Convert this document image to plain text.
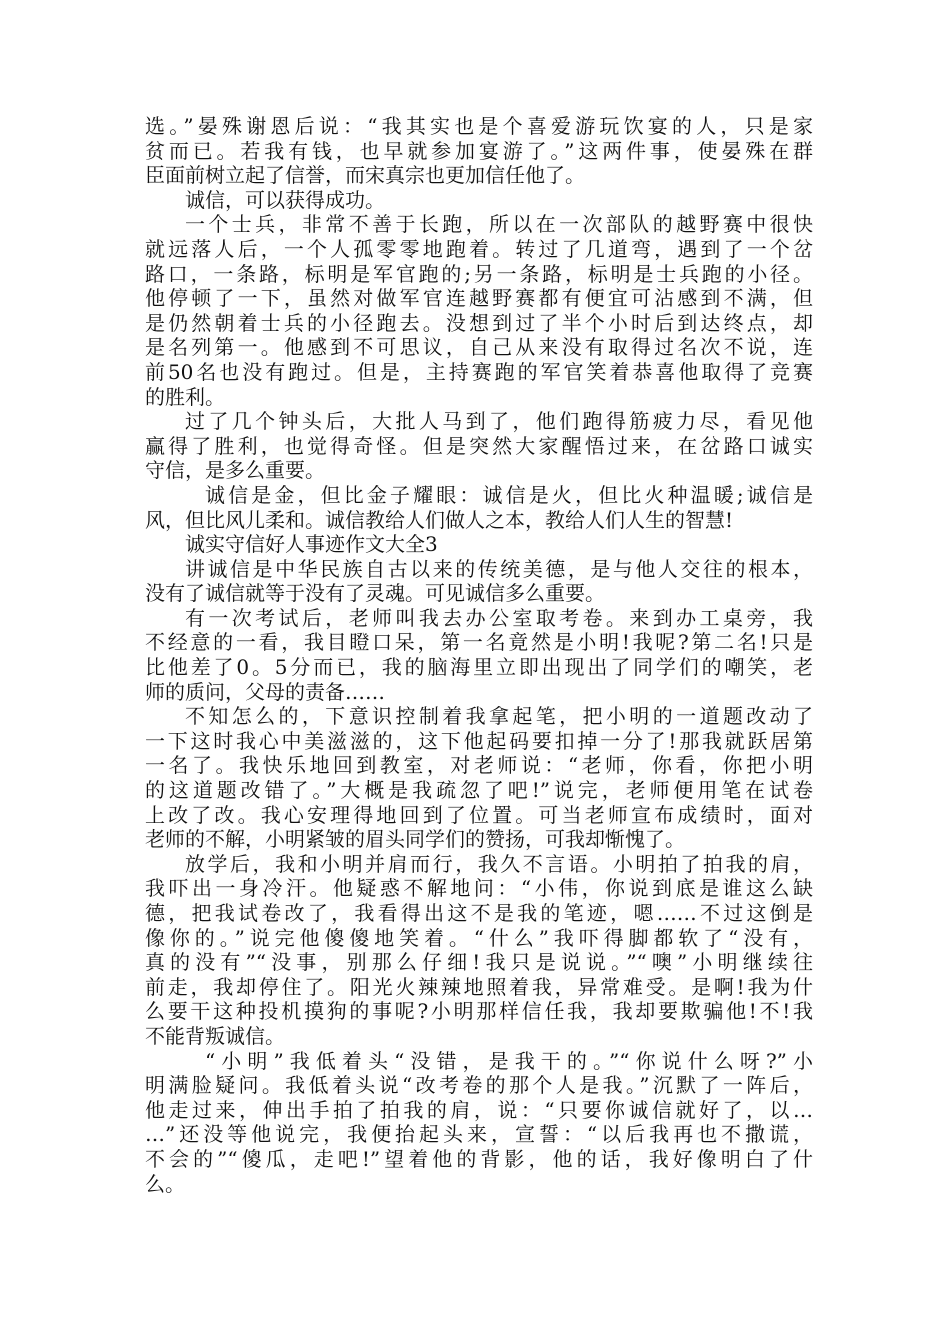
选。”晏殊谢恩后说：“我其实也是个喜爱游玩饮宴的人，只是家
贫而已。若我有钱，也早就参加宴游了。”这两件事，使晏殊在群
臣面前树立起了信誉，而宋真宗也更加信任他了。
诚信，可以获得成功。
一个士兵，非常不善于长跑，所以在一次部队的越野赛中很快
就远落人后，一个人孤零零地跑着。转过了几道弯，遇到了一个岔
路口，一条路，标明是军官跑的;另一条路，标明是士兵跑的小径。
他停顿了一下，虽然对做军官连越野赛都有便宜可沾感到不满，但
是仍然朝着士兵的小径跑去。没想到过了半个小时后到达终点，却
是名列第一。他感到不可思议，自己从来没有取得过名次不说，连
前50名也没有跑过。但是，主持赛跑的军官笑着恭喜他取得了竞赛
的胜利。
过了几个钟头后，大批人马到了，他们跑得筋疲力尽，看见他
赢得了胜利，也觉得奇怪。但是突然大家醒悟过来，在岔路口诚实
守信，是多么重要。
诚信是金，但比金子耀眼：诚信是火，但比火种温暖;诚信是
风，但比风儿柔和。诚信教给人们做人之本，教给人们人生的智慧!
诚实守信好人事迹作文大全3
讲诚信是中华民族自古以来的传统美德，是与他人交往的根本，
没有了诚信就等于没有了灵魂。可见诚信多么重要。
有一次考试后，老师叫我去办公室取考卷。来到办工桌旁，我
不经意的一看，我目瞪口呆，第一名竟然是小明!我呢?第二名!只是
比他差了0。5分而已，我的脑海里立即出现出了同学们的嘲笑，老
师的质问，父母的责备……
不知怎么的，下意识控制着我拿起笔，把小明的一道题改动了
一下这时我心中美滋滋的，这下他起码要扣掉一分了!那我就跃居第
一名了。我快乐地回到教室，对老师说：“老师，你看，你把小明
的这道题改错了。”大概是我疏忽了吧!”说完，老师便用笔在试卷
上改了改。我心安理得地回到了位置。可当老师宣布成绩时，面对
老师的不解，小明紧皱的眉头同学们的赞扬，可我却惭愧了。
放学后，我和小明并肩而行，我久不言语。小明拍了拍我的肩，
我吓出一身冷汗。他疑惑不解地问：“小伟，你说到底是谁这么缺
德，把我试卷改了，我看得出这不是我的笔迹，嗯……不过这倒是
像你的。”说完他傻傻地笑着。“什么”我吓得脚都软了“没有，
真的没有”“没事，别那么仔细!我只是说说。”“噢”小明继续往
前走，我却停住了。阳光火辣辣地照着我，异常难受。是啊!我为什
么要干这种投机摸狗的事呢?小明那样信任我，我却要欺骗他!不!我
不能背叛诚信。
“小明”我低着头“没错，是我干的。”“你说什么呀?”小
明满脸疑问。我低着头说“改考卷的那个人是我。”沉默了一阵后，
他走过来，伸出手拍了拍我的肩，说：“只要你诚信就好了，以…
…”还没等他说完，我便抬起头来，宣誓：“以后我再也不撒谎，
不会的”“傻瓜，走吧!”望着他的背影，他的话，我好像明白了什
么。
